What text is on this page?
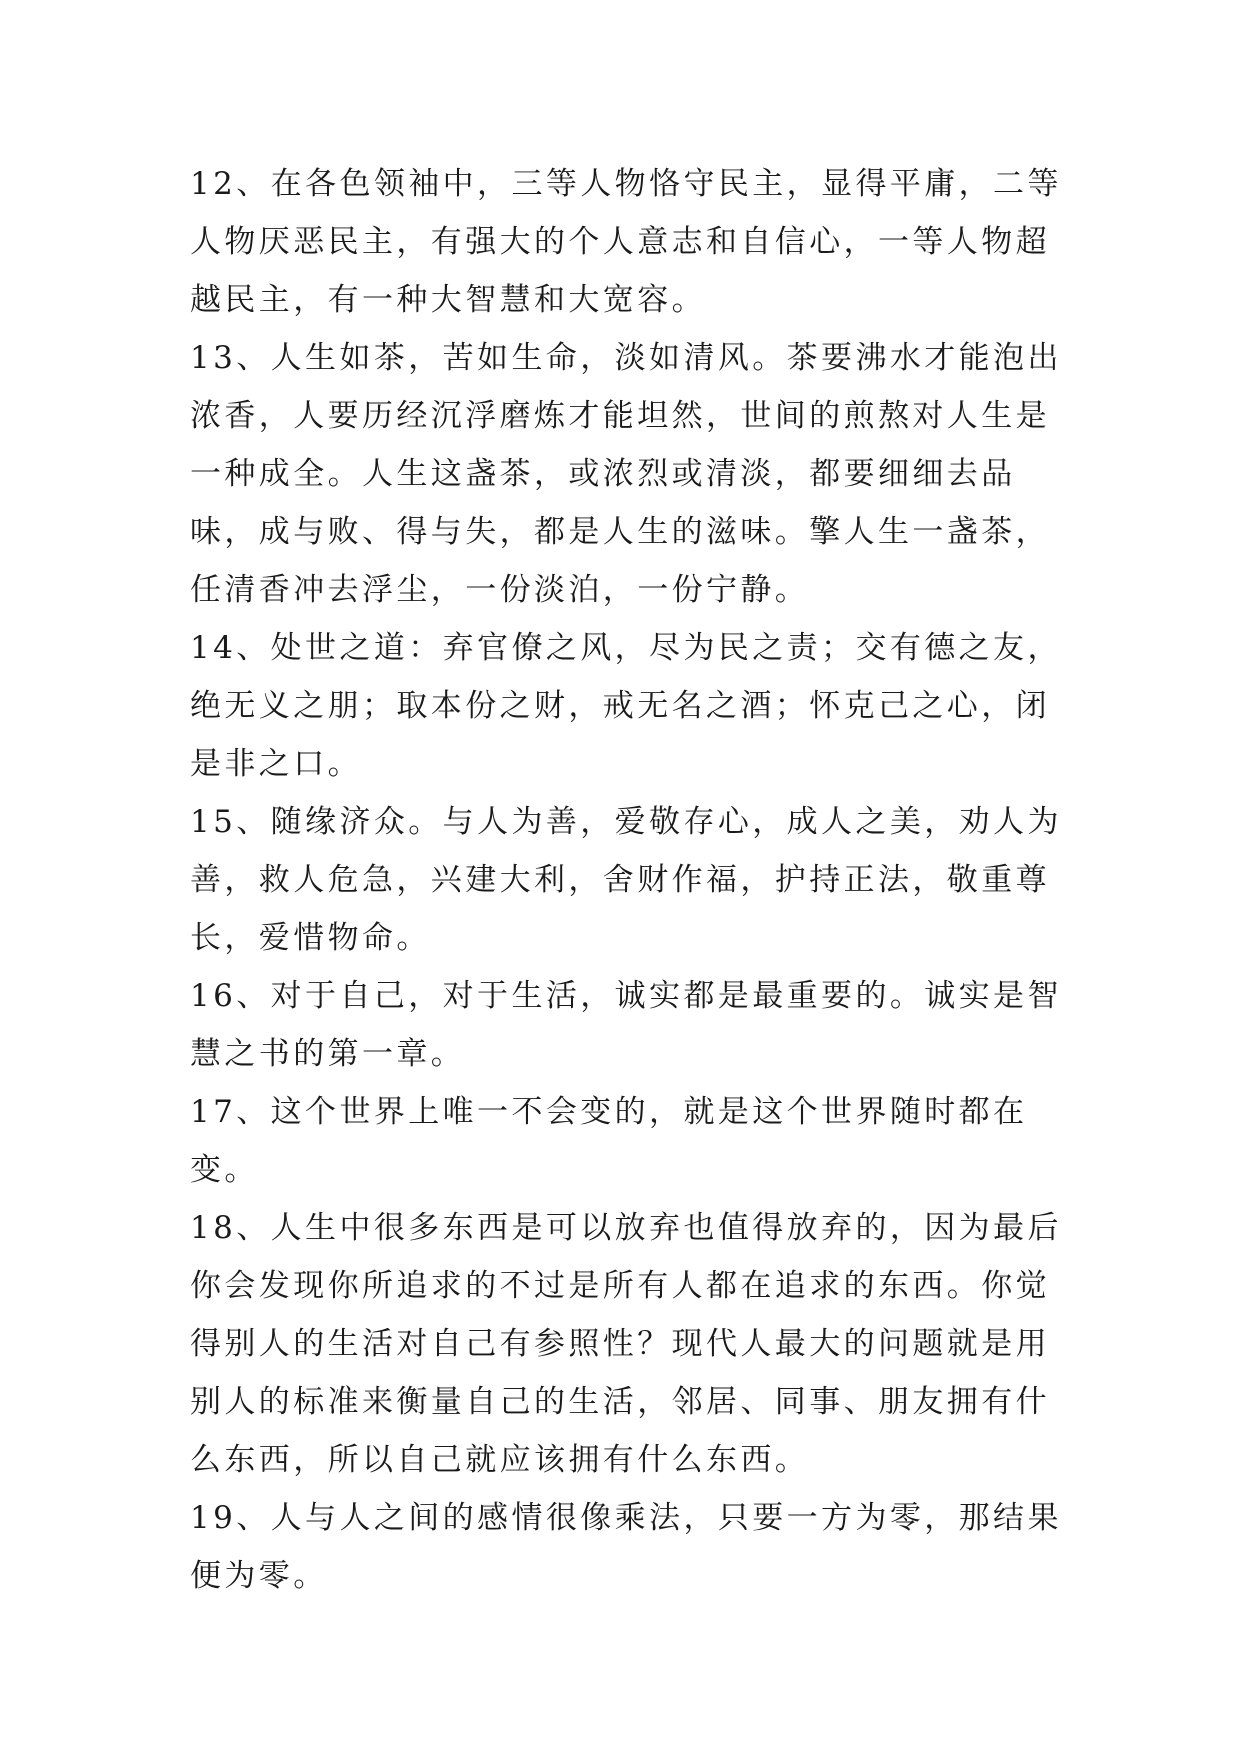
12、在各色领袖中，三等人物恪守民主，显得平庸，二等人物厌恶民主，有强大的个人意志和自信心，一等人物超越民主，有一种大智慧和大宽容。

13、人生如茶，苦如生命，淡如清风。茶要沸水才能泡出浓香，人要历经沉浮磨炼才能坦然，世间的煎熬对人生是一种成全。人生这盏茶，或浓烈或清淡，都要细细去品味，成与败、得与失，都是人生的滋味。擎人生一盏茶，任清香冲去浮尘，一份淡泊，一份宁静。

14、处世之道：弃官僚之风，尽为民之责；交有德之友，绝无义之朋；取本份之财，戒无名之酒；怀克己之心，闭是非之口。

15、随缘济众。与人为善，爱敬存心，成人之美，劝人为善，救人危急，兴建大利，舍财作福，护持正法，敬重尊长，爱惜物命。

16、对于自己，对于生活，诚实都是最重要的。诚实是智慧之书的第一章。

17、这个世界上唯一不会变的，就是这个世界随时都在变。

18、人生中很多东西是可以放弃也值得放弃的，因为最后你会发现你所追求的不过是所有人都在追求的东西。你觉得别人的生活对自己有参照性？现代人最大的问题就是用别人的标准来衡量自己的生活，邻居、同事、朋友拥有什么东西，所以自己就应该拥有什么东西。

19、人与人之间的感情很像乘法，只要一方为零，那结果便为零。
